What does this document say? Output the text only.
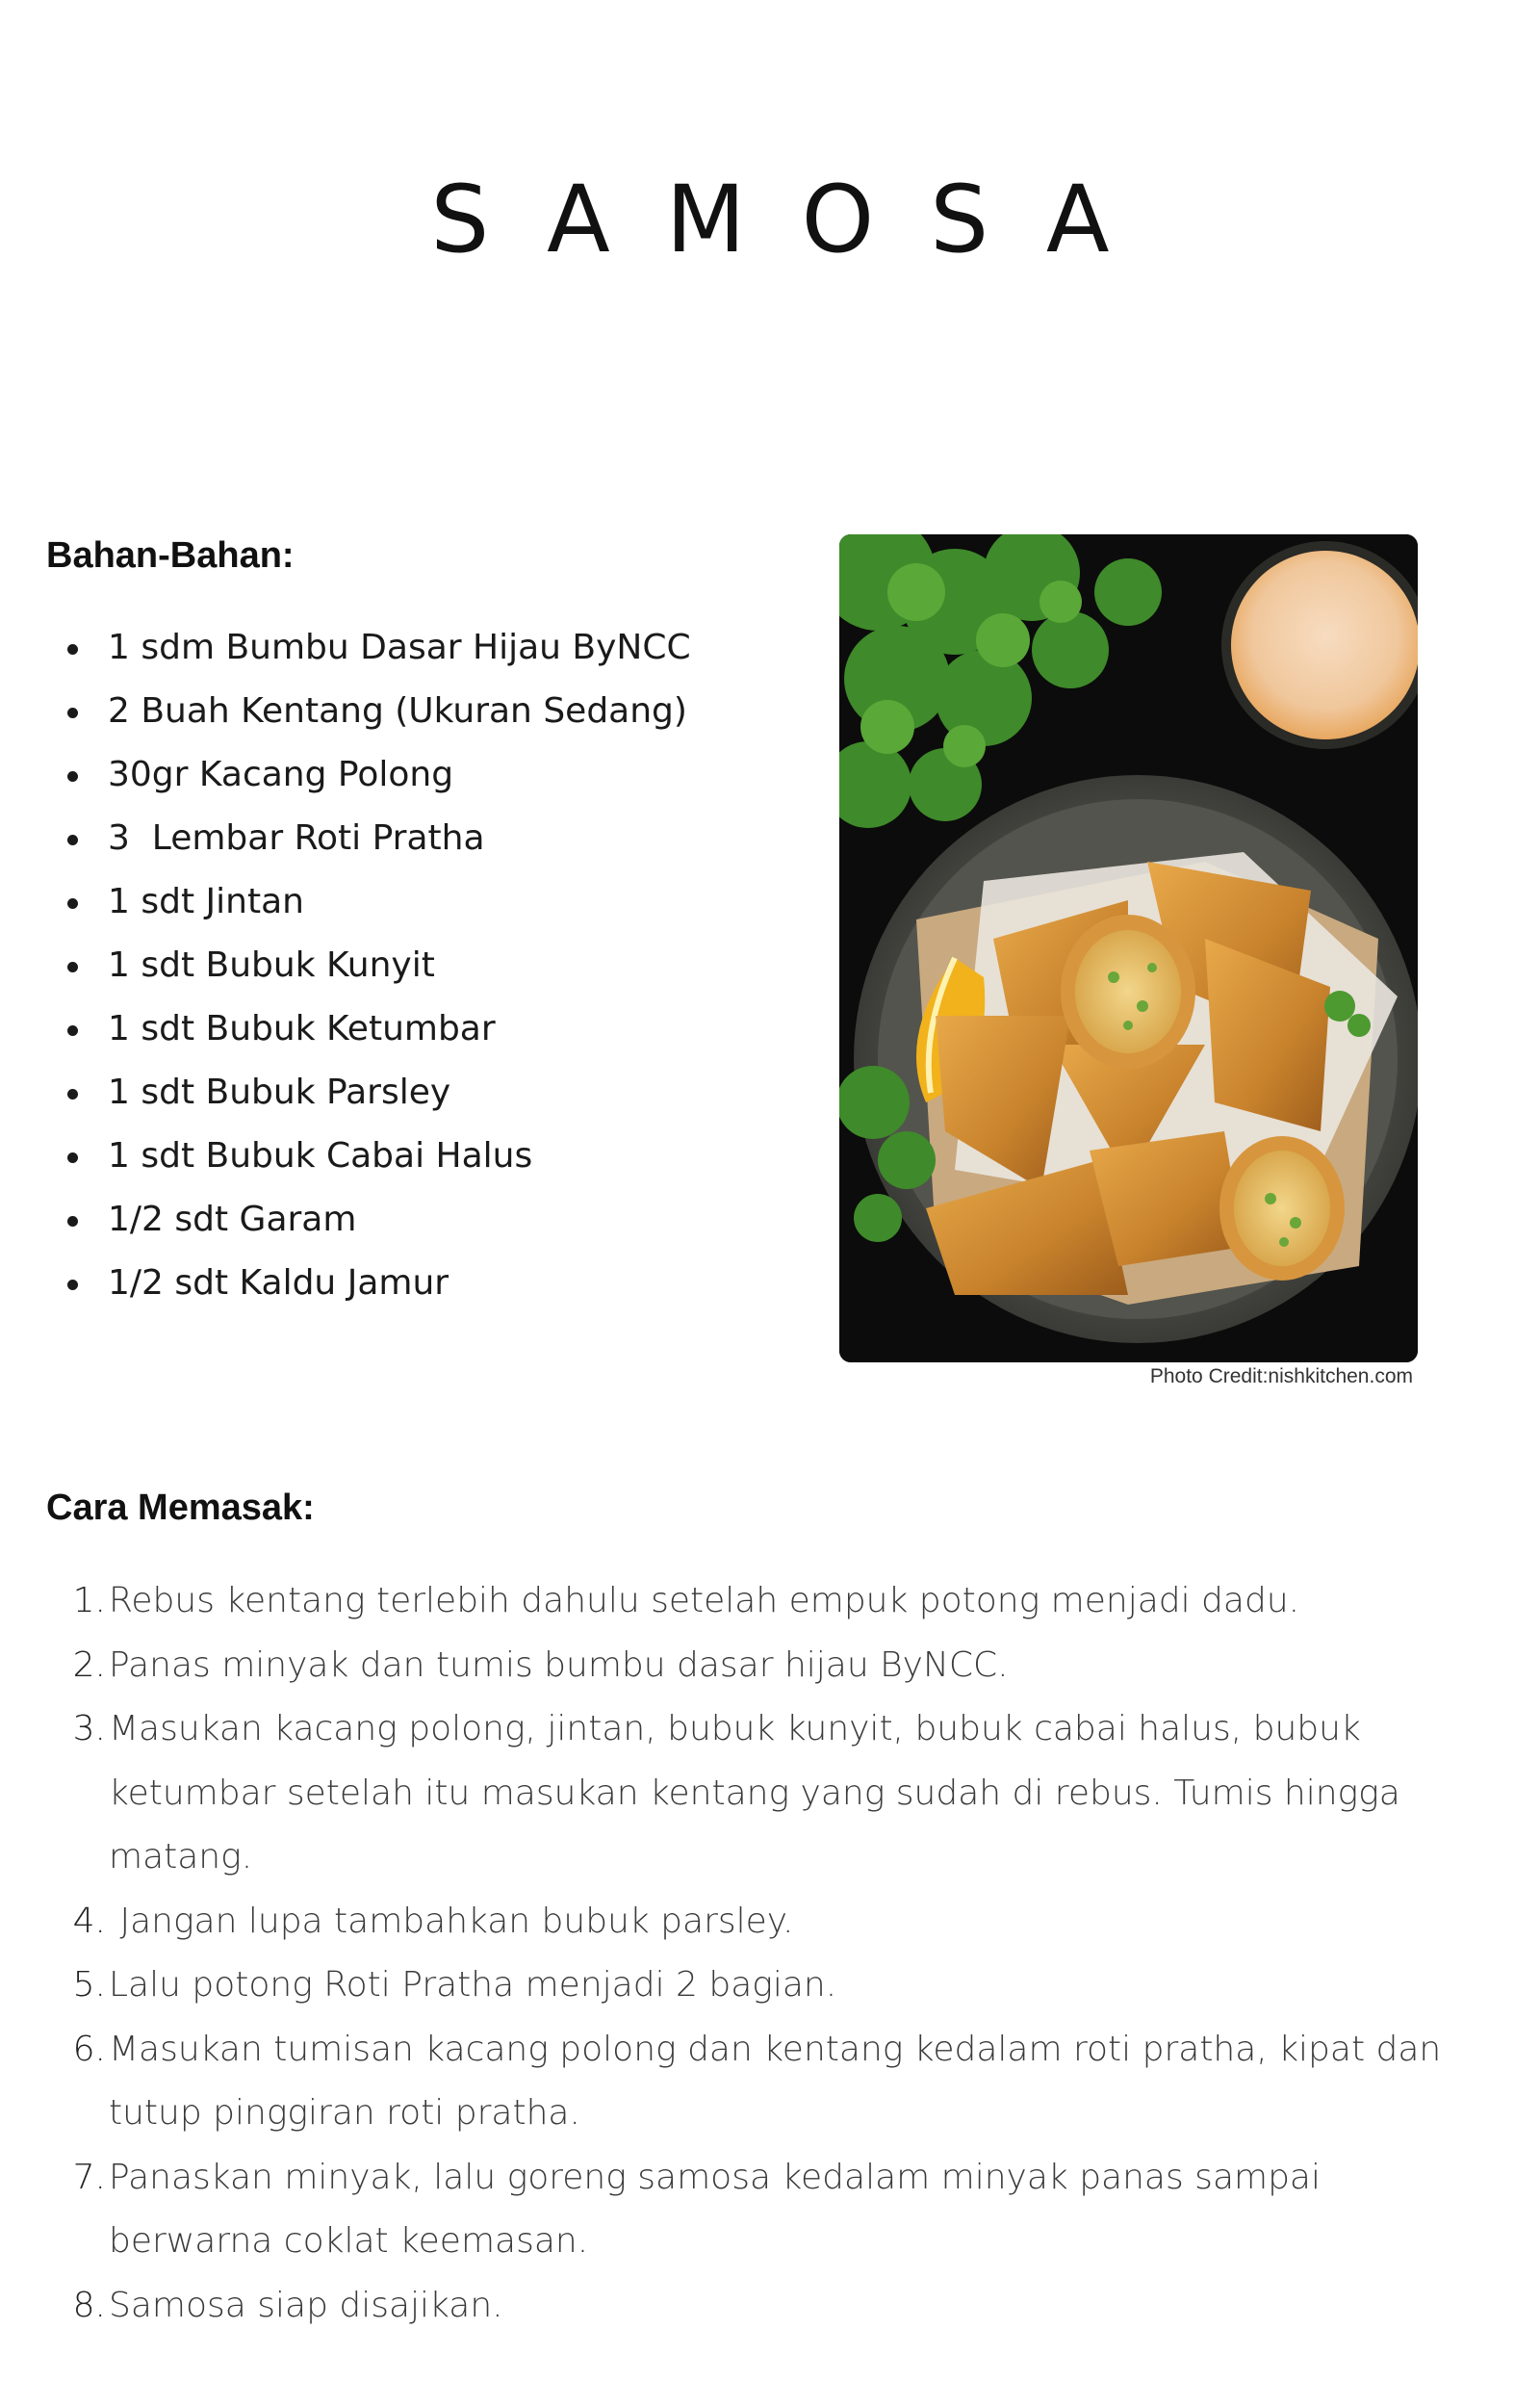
SAMOSA
Bahan-Bahan:
1 sdm Bumbu Dasar Hijau ByNCC
2 Buah Kentang (Ukuran Sedang)
30gr Kacang Polong
3  Lembar Roti Pratha
1 sdt Jintan
1 sdt Bubuk Kunyit
1 sdt Bubuk Ketumbar
1 sdt Bubuk Parsley
1 sdt Bubuk Cabai Halus
1/2 sdt Garam
1/2 sdt Kaldu Jamur
Photo Credit:nishkitchen.com
Cara Memasak:
1. Rebus kentang terlebih dahulu setelah empuk potong menjadi dadu.
2. Panas minyak dan tumis bumbu dasar hijau ByNCC.
3. Masukan kacang polong, jintan, bubuk kunyit, bubuk cabai halus, bubuk ketumbar setelah itu masukan kentang yang sudah di rebus. Tumis hingga matang.
4. Jangan lupa tambahkan bubuk parsley.
5. Lalu potong Roti Pratha menjadi 2 bagian.
6. Masukan tumisan kacang polong dan kentang kedalam roti pratha, kipat dan tutup pinggiran roti pratha.
7. Panaskan minyak, lalu goreng samosa kedalam minyak panas sampai berwarna coklat keemasan.
8. Samosa siap disajikan.
